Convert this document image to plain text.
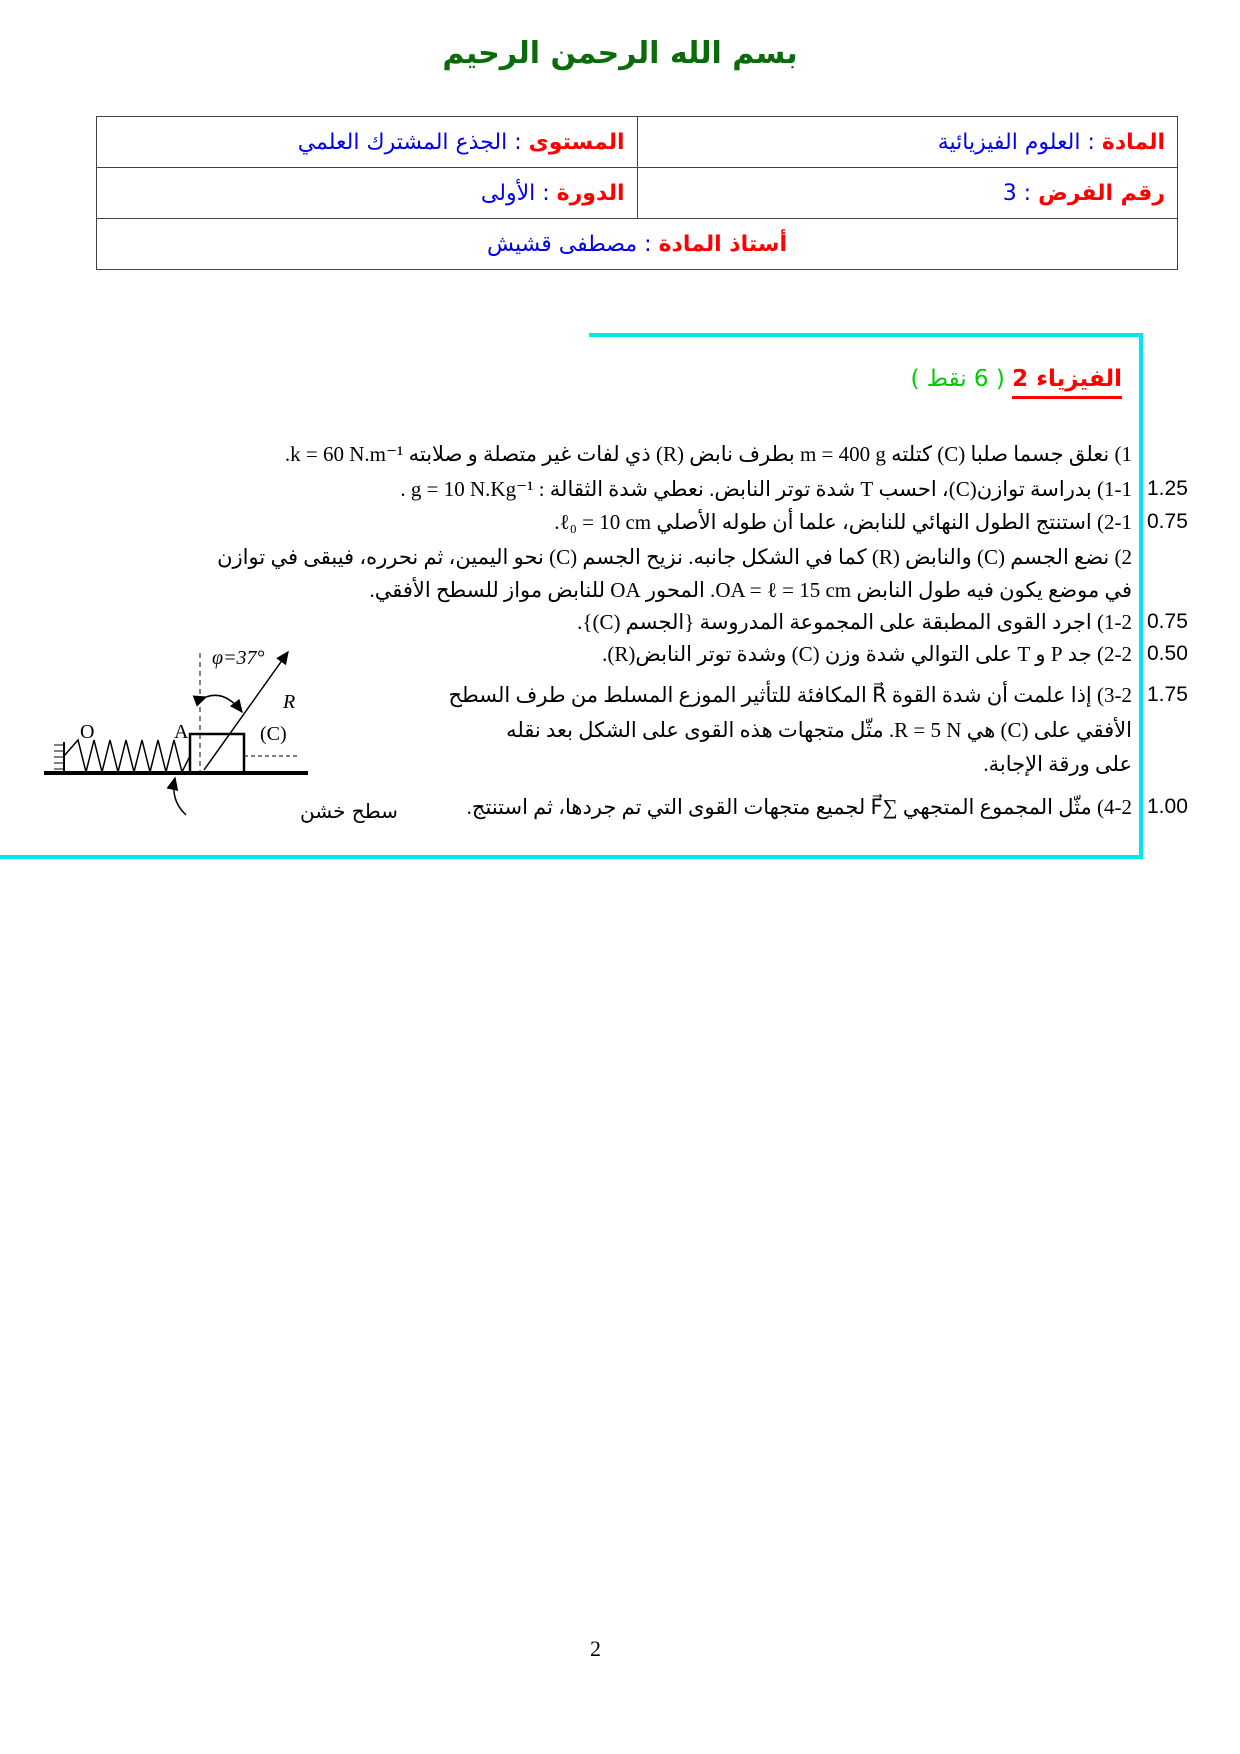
بسم الله الرحمن الرحيم
المادة : العلوم الفيزيائية	المستوى : الجذع المشترك العلمي
رقم الفرض : 3	الدورة : الأولى
أستاذ المادة : مصطفى قشيش	
الفيزياء 2 ( 6 نقط )
1) نعلق جسما صلبا (C) كتلته m = 400 g بطرف نابض (R) ذي لفات غير متصلة و صلابته k = 60 N.m⁻¹.
1-1) بدراسة توازن(C)، احسب T شدة توتر النابض. نعطي شدة الثقالة : g = 10 N.Kg⁻¹ . 1.25
2-1) استنتج الطول النهائي للنابض، علما أن طوله الأصلي ℓ₀ = 10 cm. 0.75
2) نضع الجسم (C) والنابض (R) كما في الشكل جانبه. نزيح الجسم (C) نحو اليمين، ثم نحرره، فيبقى في توازن
في موضع يكون فيه طول النابض OA = ℓ = 15 cm. المحور OA للنابض مواز للسطح الأفقي.
1-2) اجرد القوى المطبقة على المجموعة المدروسة {الجسم (C)}. 0.75
2-2) جد P و T على التوالي شدة وزن (C) وشدة توتر النابض(R). 0.50
3-2) إذا علمت أن شدة القوة R⃗ المكافئة للتأثير الموزع المسلط من طرف السطح 1.75
الأفقي على (C) هي R = 5 N. مثّل متجهات هذه القوى على الشكل بعد نقله
على ورقة الإجابة.
4-2) مثّل المجموع المتجهي ∑F⃗ لجميع متجهات القوى التي تم جردها، ثم استنتج. 1.00
φ=37°
R⃗
(C)
O	A
سطح خشن
2
